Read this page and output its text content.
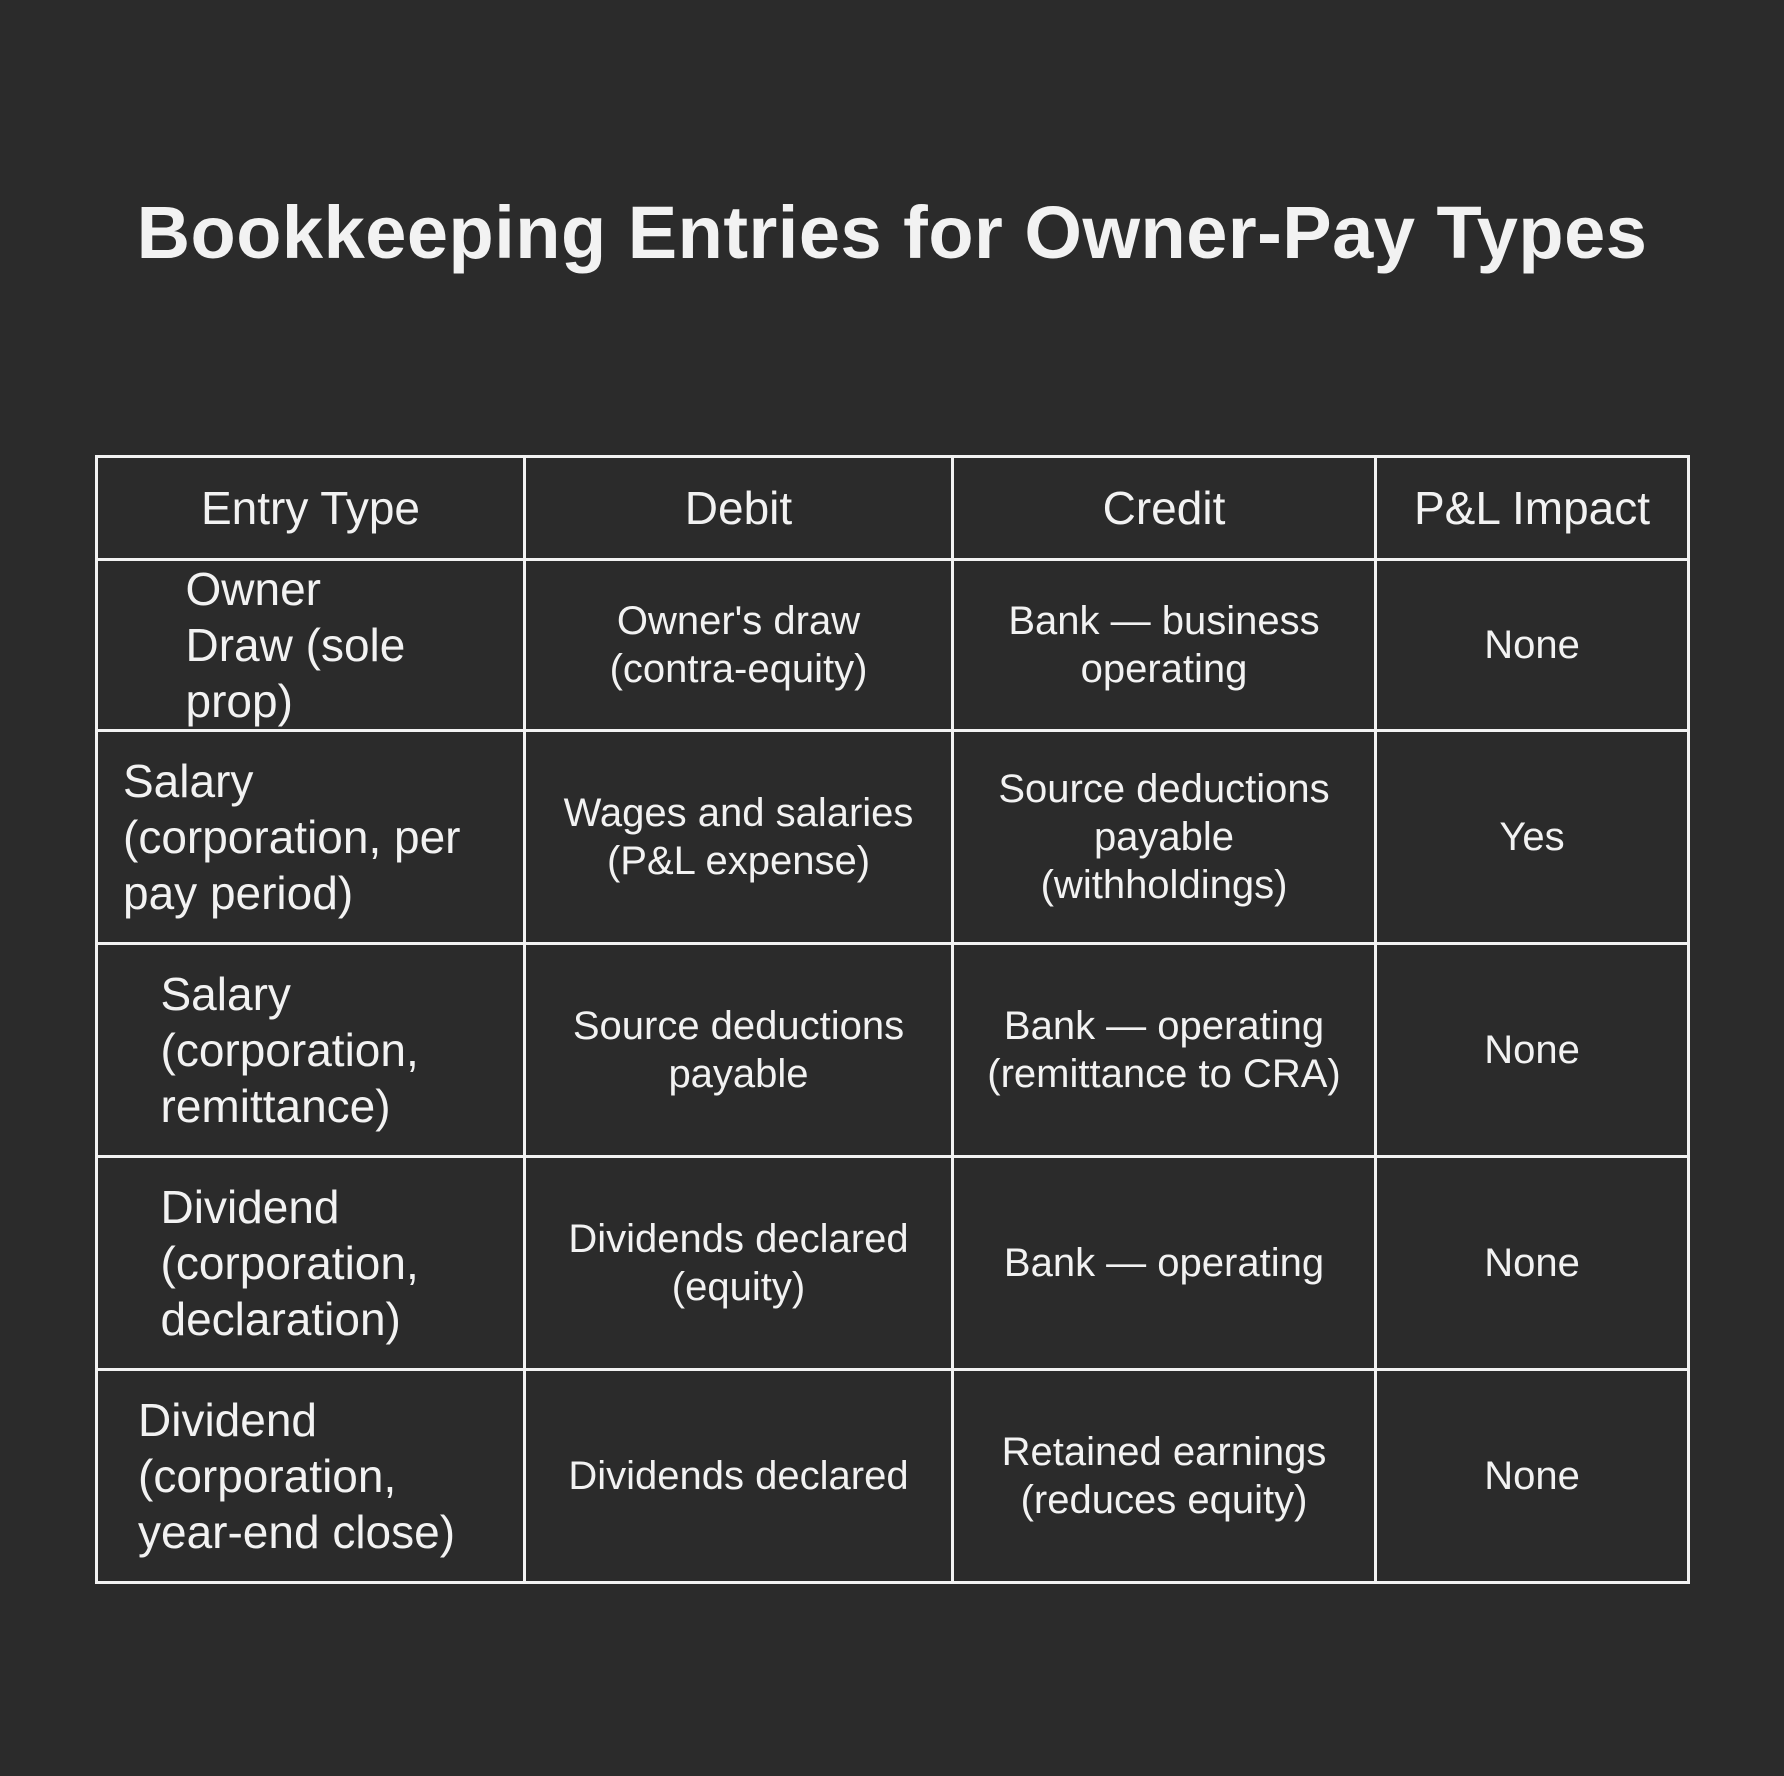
Bookkeeping Entries for Owner-Pay Types
Entry Type	Debit	Credit	P&L Impact
Owner Draw (sole prop)	Owner's draw (contra-equity)	Bank — business operating	None
Salary (corporation, per pay period)	Wages and salaries (P&L expense)	Source deductions payable (withholdings)	Yes
Salary (corporation, remittance)	Source deductions payable	Bank — operating (remittance to CRA)	None
Dividend (corporation, declaration)	Dividends declared (equity)	Bank — operating	None
Dividend (corporation, year-end close)	Dividends declared	Retained earnings (reduces equity)	None
